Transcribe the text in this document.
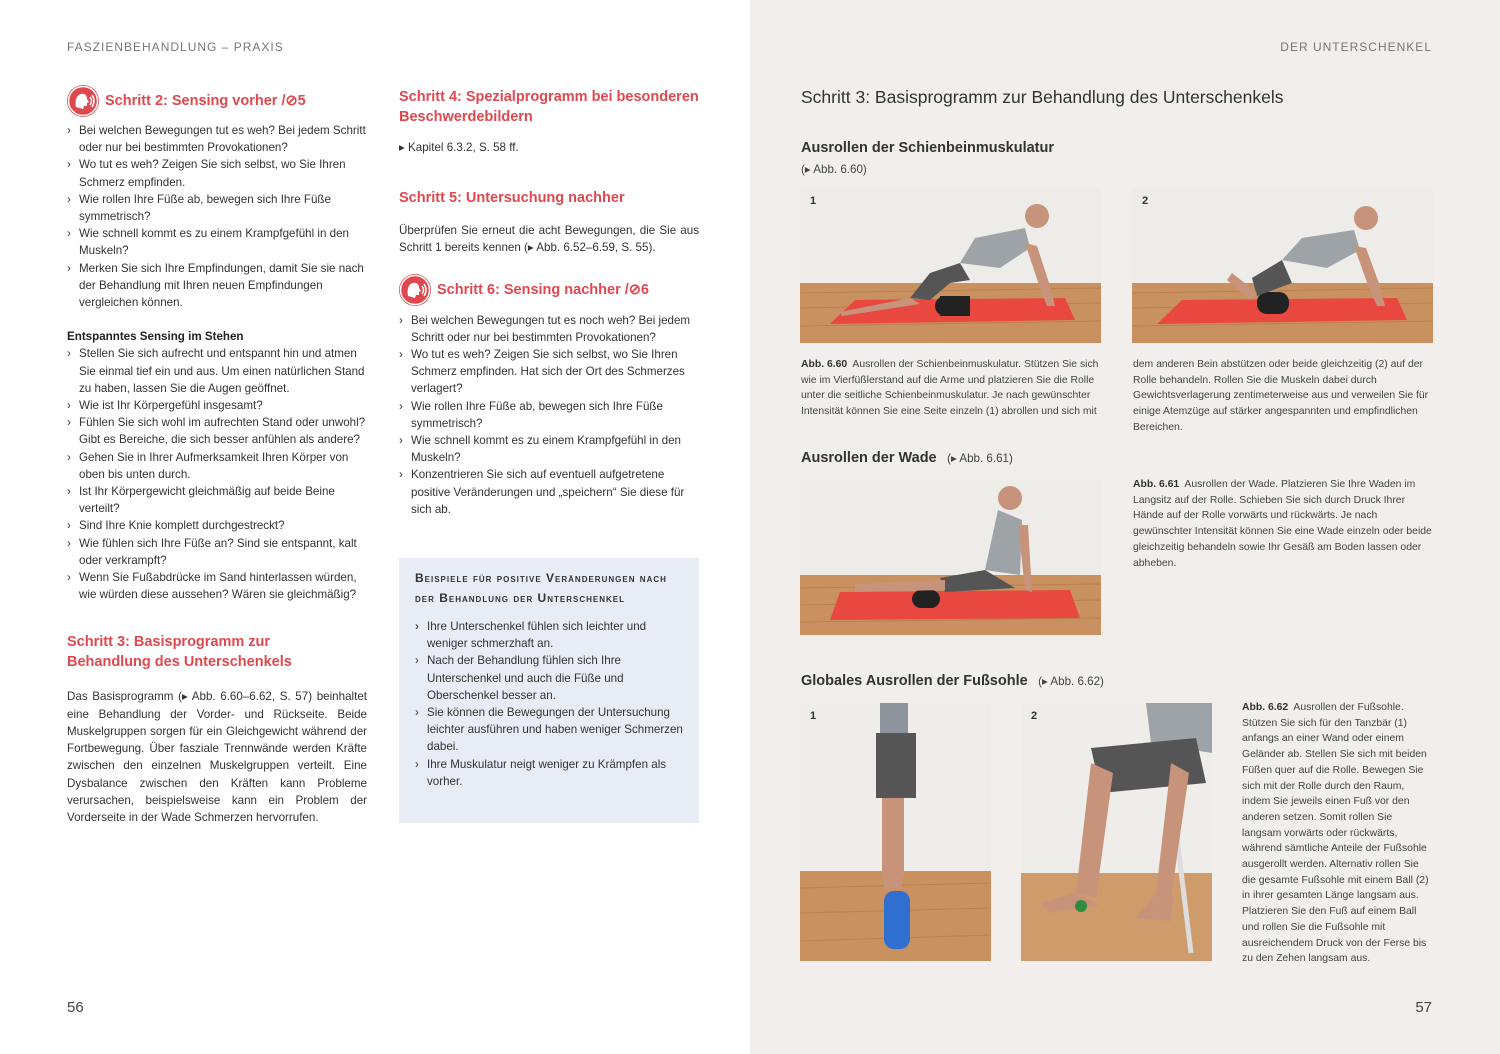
FASZIENBEHANDLUNG – PRAXIS
Schritt 2: Sensing vorher /⊘5
› Bei welchen Bewegungen tut es weh? Bei jedem Schritt oder nur bei bestimmten Provokationen?
› Wo tut es weh? Zeigen Sie sich selbst, wo Sie Ihren Schmerz empfinden.
› Wie rollen Ihre Füße ab, bewegen sich Ihre Füße symmetrisch?
› Wie schnell kommt es zu einem Krampfgefühl in den Muskeln?
› Merken Sie sich Ihre Empfindungen, damit Sie sie nach der Behandlung mit Ihren neuen Empfindungen vergleichen können.
Entspanntes Sensing im Stehen
› Stellen Sie sich aufrecht und entspannt hin und atmen Sie einmal tief ein und aus. Um einen natürlichen Stand zu haben, lassen Sie die Augen geöffnet.
› Wie ist Ihr Körpergefühl insgesamt?
› Fühlen Sie sich wohl im aufrechten Stand oder unwohl? Gibt es Bereiche, die sich besser anfühlen als andere?
› Gehen Sie in Ihrer Aufmerksamkeit Ihren Körper von oben bis unten durch.
› Ist Ihr Körpergewicht gleichmäßig auf beide Beine verteilt?
› Sind Ihre Knie komplett durchgestreckt?
› Wie fühlen sich Ihre Füße an? Sind sie entspannt, kalt oder verkrampft?
› Wenn Sie Fußabdrücke im Sand hinterlassen würden, wie würden diese aussehen? Wären sie gleichmäßig?
Schritt 3: Basisprogramm zur Behandlung des Unterschenkels
Das Basisprogramm (▸ Abb. 6.60–6.62, S. 57) beinhaltet eine Behandlung der Vorder- und Rückseite. Beide Muskelgruppen sorgen für ein Gleichgewicht während der Fortbewegung. Über fasziale Trennwände werden Kräfte zwischen den einzelnen Muskelgruppen verteilt. Eine Dysbalance zwischen den Kräften kann Probleme verursachen, beispielsweise kann ein Problem der Vorderseite in der Wade Schmerzen hervorrufen.
Schritt 4: Spezialprogramm bei besonderen Beschwerdebildern
▸ Kapitel 6.3.2, S. 58 ff.
Schritt 5: Untersuchung nachher
Überprüfen Sie erneut die acht Bewegungen, die Sie aus Schritt 1 bereits kennen (▸ Abb. 6.52–6.59, S. 55).
Schritt 6: Sensing nachher /⊘6
› Bei welchen Bewegungen tut es noch weh? Bei jedem Schritt oder nur bei bestimmten Provokationen?
› Wo tut es weh? Zeigen Sie sich selbst, wo Sie Ihren Schmerz empfinden. Hat sich der Ort des Schmerzes verlagert?
› Wie rollen Ihre Füße ab, bewegen sich Ihre Füße symmetrisch?
› Wie schnell kommt es zu einem Krampfgefühl in den Muskeln?
› Konzentrieren Sie sich auf eventuell aufgetretene positive Veränderungen und „speichern“ Sie diese für sich ab.
Beispiele für positive Veränderungen nach der Behandlung der Unterschenkel
› Ihre Unterschenkel fühlen sich leichter und weniger schmerzhaft an.
› Nach der Behandlung fühlen sich Ihre Unterschenkel und auch die Füße und Oberschenkel besser an.
› Sie können die Bewegungen der Untersuchung leichter ausführen und haben weniger Schmerzen dabei.
› Ihre Muskulatur neigt weniger zu Krämpfen als vorher.
56
DER UNTERSCHENKEL
Schritt 3: Basisprogramm zur Behandlung des Unterschenkels
Ausrollen der Schienbeinmuskulatur
(▸ Abb. 6.60)
1	2
Abb. 6.60 Ausrollen der Schienbeinmuskulatur. Stützen Sie sich wie im Vierfüßlerstand auf die Arme und platzieren Sie die Rolle unter die seitliche Schienbeinmuskulatur. Je nach gewünschter Intensität können Sie eine Seite einzeln (1) abrollen und sich mit
dem anderen Bein abstützen oder beide gleichzeitig (2) auf der Rolle behandeln. Rollen Sie die Muskeln dabei durch Gewichtsverlagerung zentimeterweise aus und verweilen Sie für einige Atemzüge auf stärker angespannten und empfindlichen Bereichen.
Ausrollen der Wade (▸ Abb. 6.61)
Abb. 6.61 Ausrollen der Wade. Platzieren Sie Ihre Waden im Langsitz auf der Rolle. Schieben Sie sich durch Druck Ihrer Hände auf der Rolle vorwärts und rückwärts. Je nach gewünschter Intensität können Sie eine Wade einzeln oder beide gleichzeitig behandeln sowie Ihr Gesäß am Boden lassen oder abheben.
Globales Ausrollen der Fußsohle (▸ Abb. 6.62)
1	2
Abb. 6.62 Ausrollen der Fußsohle. Stützen Sie sich für den Tanzbär (1) anfangs an einer Wand oder einem Geländer ab. Stellen Sie sich mit beiden Füßen quer auf die Rolle. Bewegen Sie sich mit der Rolle durch den Raum, indem Sie jeweils einen Fuß vor den anderen setzen. Somit rollen Sie langsam vorwärts oder rückwärts, während sämtliche Anteile der Fußsohle ausgerollt werden. Alternativ rollen Sie die gesamte Fußsohle mit einem Ball (2) in ihrer gesamten Länge langsam aus. Platzieren Sie den Fuß auf einem Ball und rollen Sie die Fußsohle mit ausreichendem Druck von der Ferse bis zu den Zehen langsam aus.
57
